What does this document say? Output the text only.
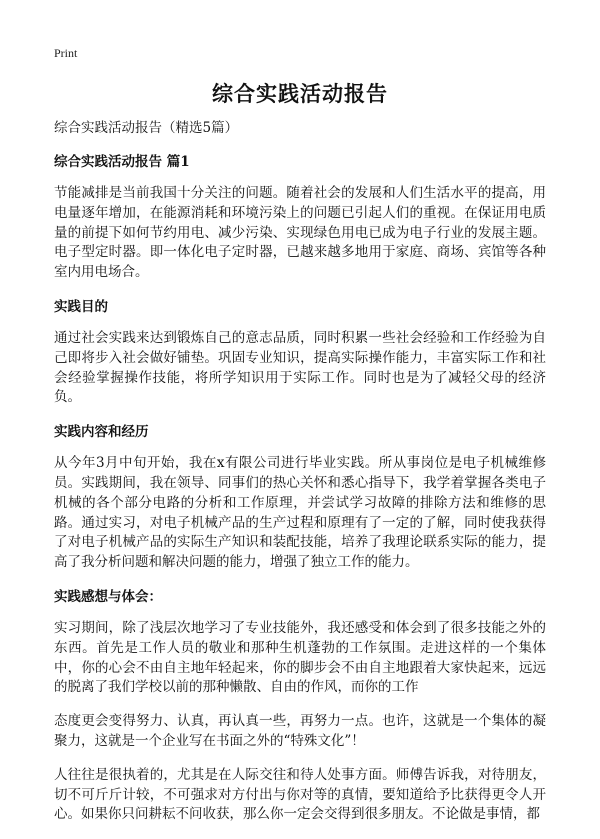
Print
综合实践活动报告
综合实践活动报告（精选5篇）
综合实践活动报告 篇1
节能减排是当前我国十分关注的问题。随着社会的发展和人们生活水平的提高，用电量逐年增加，在能源消耗和环境污染上的问题已引起人们的重视。在保证用电质量的前提下如何节约用电、减少污染、实现绿色用电已成为电子行业的发展主题。电子型定时器。即一体化电子定时器，已越来越多地用于家庭、商场、宾馆等各种室内用电场合。
实践目的
通过社会实践来达到锻炼自己的意志品质，同时积累一些社会经验和工作经验为自己即将步入社会做好铺垫。巩固专业知识，提高实际操作能力，丰富实际工作和社会经验掌握操作技能，将所学知识用于实际工作。同时也是为了减轻父母的经济负。
实践内容和经历
从今年3月中旬开始，我在x有限公司进行毕业实践。所从事岗位是电子机械维修员。实践期间，我在领导、同事们的热心关怀和悉心指导下，我学着掌握各类电子机械的各个部分电路的分析和工作原理，并尝试学习故障的排除方法和维修的思路。通过实习，对电子机械产品的生产过程和原理有了一定的了解，同时使我获得了对电子机械产品的实际生产知识和装配技能，培养了我理论联系实际的能力，提高了我分析问题和解决问题的能力，增强了独立工作的能力。
实践感想与体会：
实习期间，除了浅层次地学习了专业技能外，我还感受和体会到了很多技能之外的东西。首先是工作人员的敬业和那种生机蓬勃的工作氛围。走进这样的一个集体中，你的心会不由自主地年轻起来，你的脚步会不由自主地跟着大家快起来，远远的脱离了我们学校以前的那种懒散、自由的作风，而你的工作
态度更会变得努力、认真，再认真一些，再努力一点。也许，这就是一个集体的凝聚力，这就是一个企业写在书面之外的“特殊文化”！
人往往是很执着的，尤其是在人际交往和待人处事方面。师傅告诉我，对待朋友，切不可斤斤计较，不可强求对方付出与你对等的真情，要知道给予比获得更令人开心。如果你只问耕耘不问收获，那么你一定会交得到很多朋友。不论做是事情，都
